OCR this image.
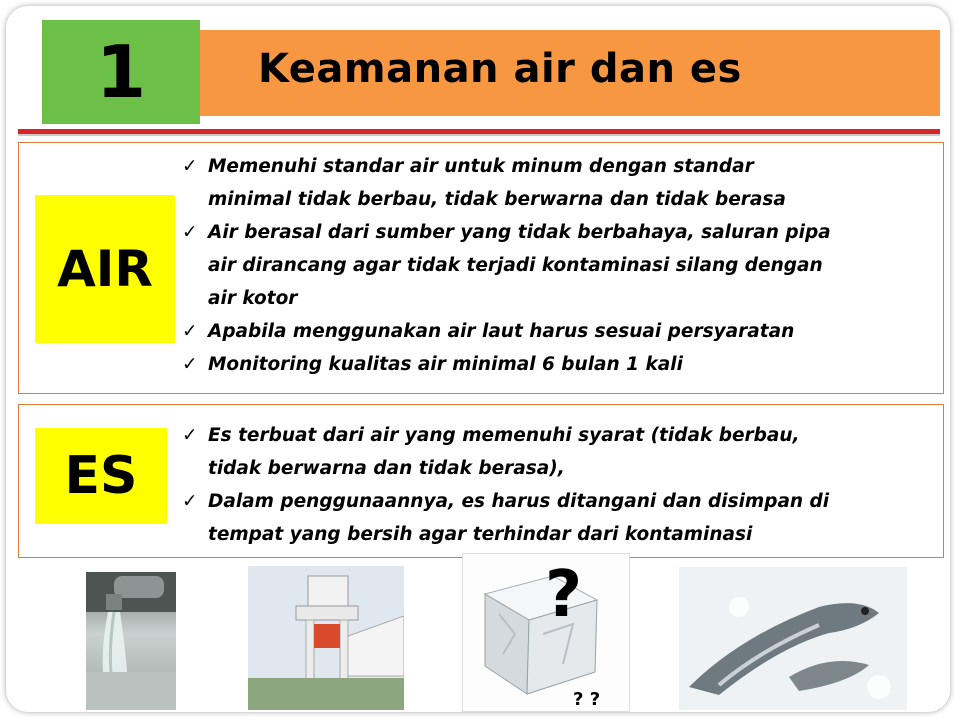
1	Keamanan air dan es
AIR
✓ Memenuhi standar air untuk minum dengan standar
minimal tidak berbau, tidak berwarna dan tidak berasa
✓ Air berasal dari sumber yang tidak berbahaya, saluran pipa
air dirancang agar tidak terjadi kontaminasi silang dengan
air kotor
✓ Apabila menggunakan air laut harus sesuai persyaratan
✓ Monitoring kualitas air minimal 6 bulan 1 kali
ES
✓ Es terbuat dari air yang memenuhi syarat (tidak berbau,
tidak berwarna dan tidak berasa),
✓ Dalam penggunaannya, es harus ditangani dan disimpan di
tempat yang bersih agar terhindar dari kontaminasi
?
? ?
